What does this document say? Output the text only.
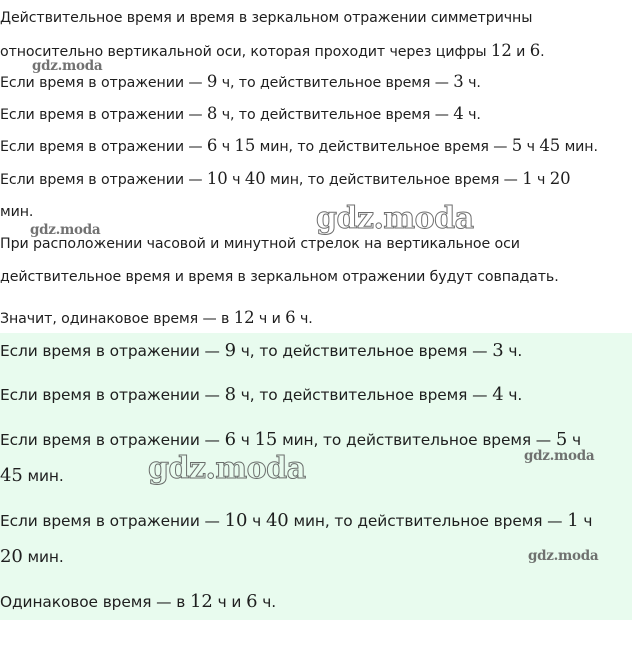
Действительное время и время в зеркальном отражении симметричны
относительно вертикальной оси, которая проходит через цифры 12 и 6.
Если время в отражении — 9 ч, то действительное время — 3 ч.
Если время в отражении — 8 ч, то действительное время — 4 ч.
Если время в отражении — 6 ч 15 мин, то действительное время — 5 ч 45 мин.
Если время в отражении — 10 ч 40 мин, то действительное время — 1 ч 20
мин.
При расположении часовой и минутной стрелок на вертикальное оси
действительное время и время в зеркальном отражении будут совпадать.
Значит, одинаковое время — в 12 ч и 6 ч.
Если время в отражении — 9 ч, то действительное время — 3 ч.
Если время в отражении — 8 ч, то действительное время — 4 ч.
Если время в отражении — 6 ч 15 мин, то действительное время — 5 ч
45 мин.
Если время в отражении — 10 ч 40 мин, то действительное время — 1 ч
20 мин.
Одинаковое время — в 12 ч и 6 ч.
gdz.moda
gdz.moda	gdz.moda
gdz.moda	gdz.moda
gdz.moda
